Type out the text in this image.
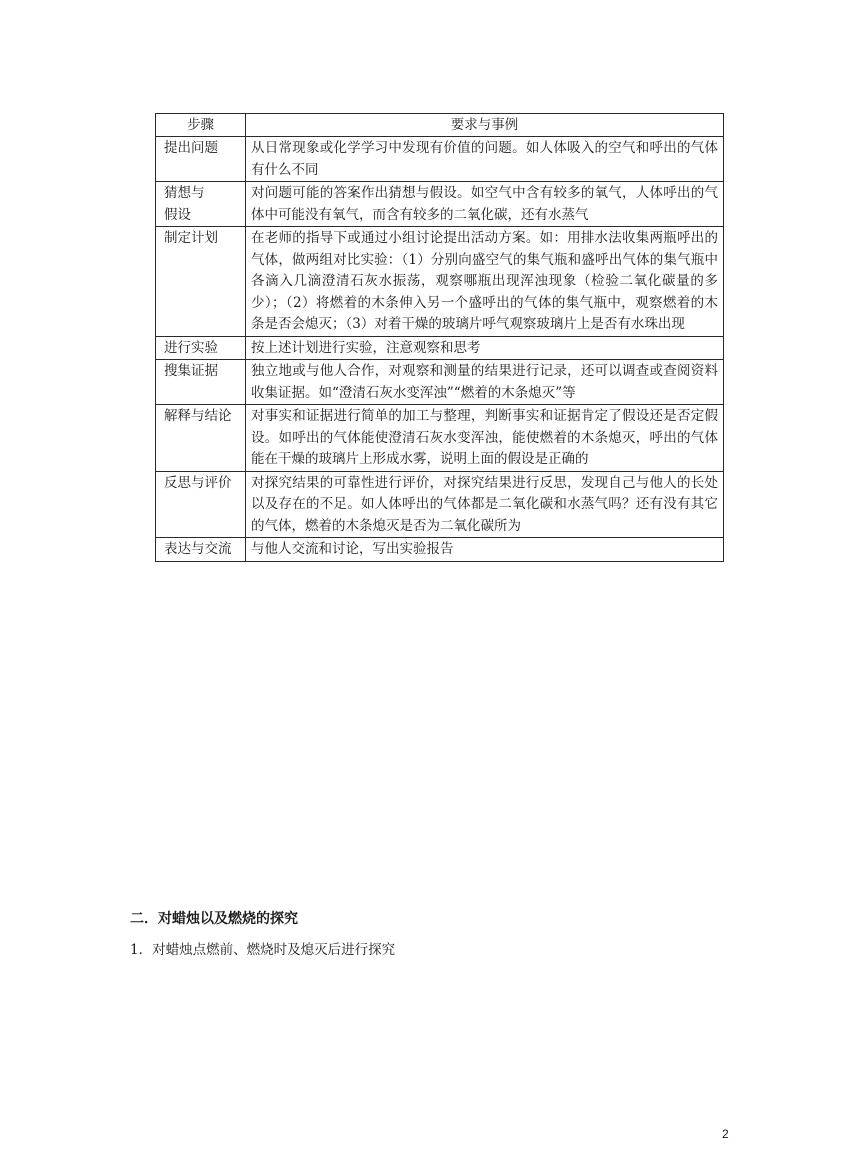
步骤	要求与事例
提出问题	从日常现象或化学学习中发现有价值的问题。如人体吸入的空气和呼出的气体有什么不同
猜想与
假设	对问题可能的答案作出猜想与假设。如空气中含有较多的氧气，人体呼出的气体中可能没有氧气，而含有较多的二氧化碳，还有水蒸气
制定计划	在老师的指导下或通过小组讨论提出活动方案。如：用排水法收集两瓶呼出的气体，做两组对比实验：（1）分别向盛空气的集气瓶和盛呼出气体的集气瓶中各滴入几滴澄清石灰水振荡，观察哪瓶出现浑浊现象（检验二氧化碳量的多少）；（2）将燃着的木条伸入另一个盛呼出的气体的集气瓶中，观察燃着的木条是否会熄灭；（3）对着干燥的玻璃片呼气观察玻璃片上是否有水珠出现
进行实验	按上述计划进行实验，注意观察和思考
搜集证据	独立地或与他人合作，对观察和测量的结果进行记录，还可以调查或查阅资料收集证据。如“澄清石灰水变浑浊”“燃着的木条熄灭”等
解释与结论	对事实和证据进行简单的加工与整理，判断事实和证据肯定了假设还是否定假设。如呼出的气体能使澄清石灰水变浑浊，能使燃着的木条熄灭，呼出的气体能在干燥的玻璃片上形成水雾，说明上面的假设是正确的
反思与评价	对探究结果的可靠性进行评价，对探究结果进行反思，发现自己与他人的长处以及存在的不足。如人体呼出的气体都是二氧化碳和水蒸气吗？还有没有其它的气体，燃着的木条熄灭是否为二氧化碳所为
表达与交流	与他人交流和讨论，写出实验报告
二．对蜡烛以及燃烧的探究

1．对蜡烛点燃前、燃烧时及熄灭后进行探究

2
